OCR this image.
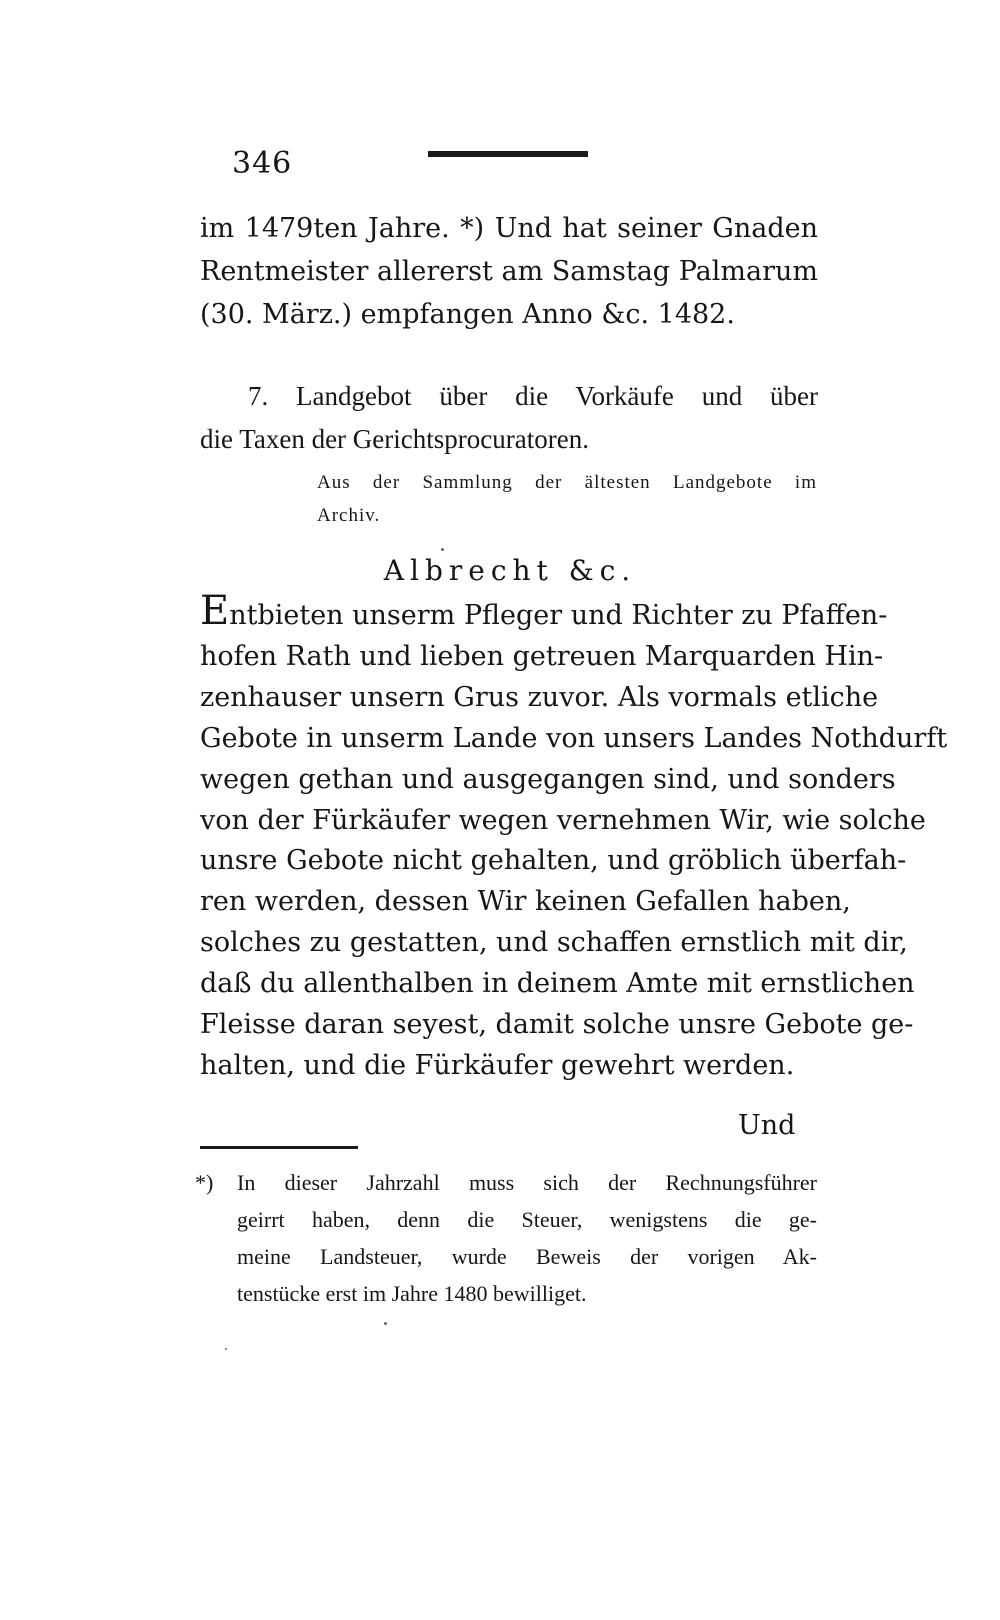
346
im 1479ten Jahre. *) Und hat seiner Gnaden
Rentmeister allererst am Samstag Palmarum
(30. März.) empfangen Anno &c. 1482.
7. Landgebot über die Vorkäufe und über
die Taxen der Gerichtsprocuratoren.
Aus der Sammlung der ältesten Landgebote im
Archiv.
Albrecht &c.
Entbieten unserm Pfleger und Richter zu Pfaffen-
hofen Rath und lieben getreuen Marquarden Hin-
zenhauser unsern Grus zuvor. Als vormals etliche
Gebote in unserm Lande von unsers Landes Nothdurft
wegen gethan und ausgegangen sind, und sonders
von der Fürkäufer wegen vernehmen Wir, wie solche
unsre Gebote nicht gehalten, und gröblich überfah-
ren werden, dessen Wir keinen Gefallen haben,
solches zu gestatten, und schaffen ernstlich mit dir,
daß du allenthalben in deinem Amte mit ernstlichen
Fleisse daran seyest, damit solche unsre Gebote ge-
halten, und die Fürkäufer gewehrt werden.
Und
*) In dieser Jahrzahl muss sich der Rechnungsführer
geirrt haben, denn die Steuer, wenigstens die ge-
meine Landsteuer, wurde Beweis der vorigen Ak-
tenstücke erst im Jahre 1480 bewilliget.
